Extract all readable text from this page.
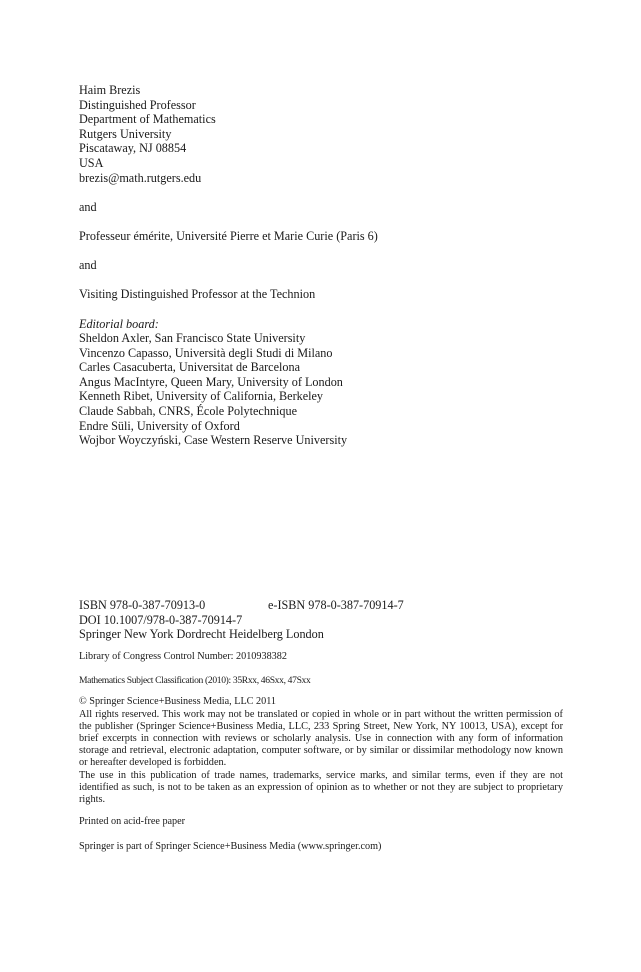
Haim Brezis
Distinguished Professor
Department of Mathematics
Rutgers University
Piscataway, NJ 08854
USA
brezis@math.rutgers.edu
and
Professeur émérite, Université Pierre et Marie Curie (Paris 6)
and
Visiting Distinguished Professor at the Technion
Editorial board:
Sheldon Axler, San Francisco State University
Vincenzo Capasso, Università degli Studi di Milano
Carles Casacuberta, Universitat de Barcelona
Angus MacIntyre, Queen Mary, University of London
Kenneth Ribet, University of California, Berkeley
Claude Sabbah, CNRS, École Polytechnique
Endre Süli, University of Oxford
Wojbor Woyczyński, Case Western Reserve University
ISBN 978-0-387-70913-0	e-ISBN 978-0-387-70914-7
DOI 10.1007/978-0-387-70914-7
Springer New York Dordrecht Heidelberg London
Library of Congress Control Number: 2010938382
Mathematics Subject Classification (2010): 35Rxx, 46Sxx, 47Sxx
© Springer Science+Business Media, LLC 2011
All rights reserved. This work may not be translated or copied in whole or in part without the written permission of the publisher (Springer Science+Business Media, LLC, 233 Spring Street, New York, NY 10013, USA), except for brief excerpts in connection with reviews or scholarly analysis. Use in connection with any form of information storage and retrieval, electronic adaptation, computer software, or by similar or dissimilar methodology now known or hereafter developed is forbidden.
The use in this publication of trade names, trademarks, service marks, and similar terms, even if they are not identified as such, is not to be taken as an expression of opinion as to whether or not they are subject to proprietary rights.
Printed on acid-free paper
Springer is part of Springer Science+Business Media (www.springer.com)
